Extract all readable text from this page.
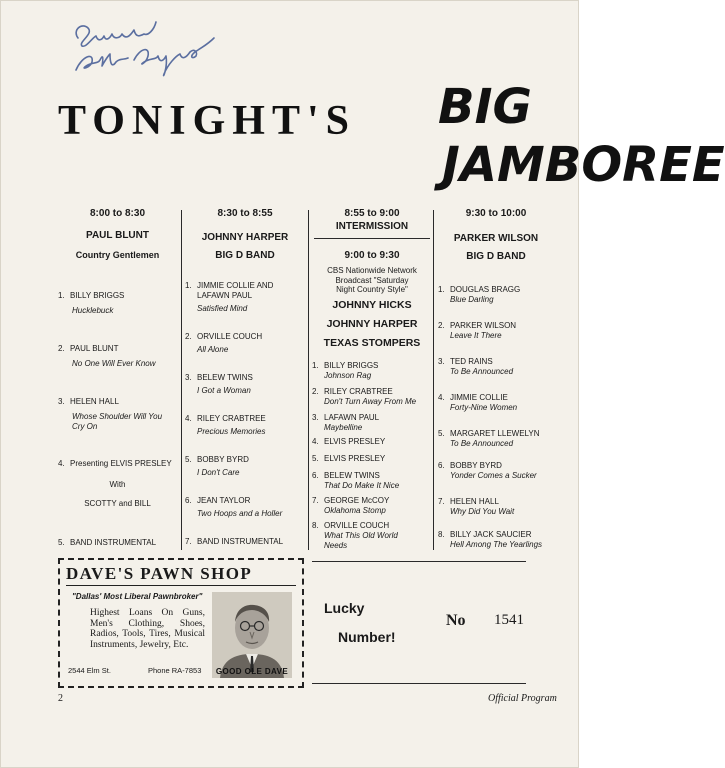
TONIGHT'S BIG
JAMBOREE
8:00 to 8:30
PAUL BLUNT
Country Gentlemen
1. BILLY BRIGGS
Hucklebuck
2. PAUL BLUNT
No One Will Ever Know
3. HELEN HALL
Whose Shoulder Will You
Cry On
4. Presenting ELVIS PRESLEY
With
SCOTTY and BILL
5. BAND INSTRUMENTAL
8:30 to 8:55
JOHNNY HARPER
BIG D BAND
1. JIMMIE COLLIE AND
LAFAWN PAUL
Satisfied Mind
2. ORVILLE COUCH
All Alone
3. BELEW TWINS
I Got a Woman
4. RILEY CRABTREE
Precious Memories
5. BOBBY BYRD
I Don't Care
6. JEAN TAYLOR
Two Hoops and a Holler
7. BAND INSTRUMENTAL
8:55 to 9:00
INTERMISSION
9:00 to 9:30
CBS Nationwide Network
Broadcast "Saturday
Night Country Style"
JOHNNY HICKS
JOHNNY HARPER
TEXAS STOMPERS
1. BILLY BRIGGS
Johnson Rag
2. RILEY CRABTREE
Don't Turn Away From Me
3. LAFAWN PAUL
Maybelline
4. ELVIS PRESLEY
5. ELVIS PRESLEY
6. BELEW TWINS
That Do Make It Nice
7. GEORGE McCOY
Oklahoma Stomp
8. ORVILLE COUCH
What This Old World
Needs
9:30 to 10:00
PARKER WILSON
BIG D BAND
1. DOUGLAS BRAGG
Blue Darling
2. PARKER WILSON
Leave It There
3. TED RAINS
To Be Announced
4. JIMMIE COLLIE
Forty-Nine Women
5. MARGARET LLEWELYN
To Be Announced
6. BOBBY BYRD
Yonder Comes a Sucker
7. HELEN HALL
Why Did You Wait
8. BILLY JACK SAUCIER
Hell Among The Yearlings
DAVE'S PAWN SHOP
"Dallas' Most Liberal Pawnbroker"
Highest Loans On Guns, Men's Clothing, Shoes, Radios, Tools, Tires, Musical Instruments, Jewelry, Etc.
2544 Elm St.	Phone RA-7853	GOOD OLE DAVE
Lucky
Number!
No 1541
2	Official Program
